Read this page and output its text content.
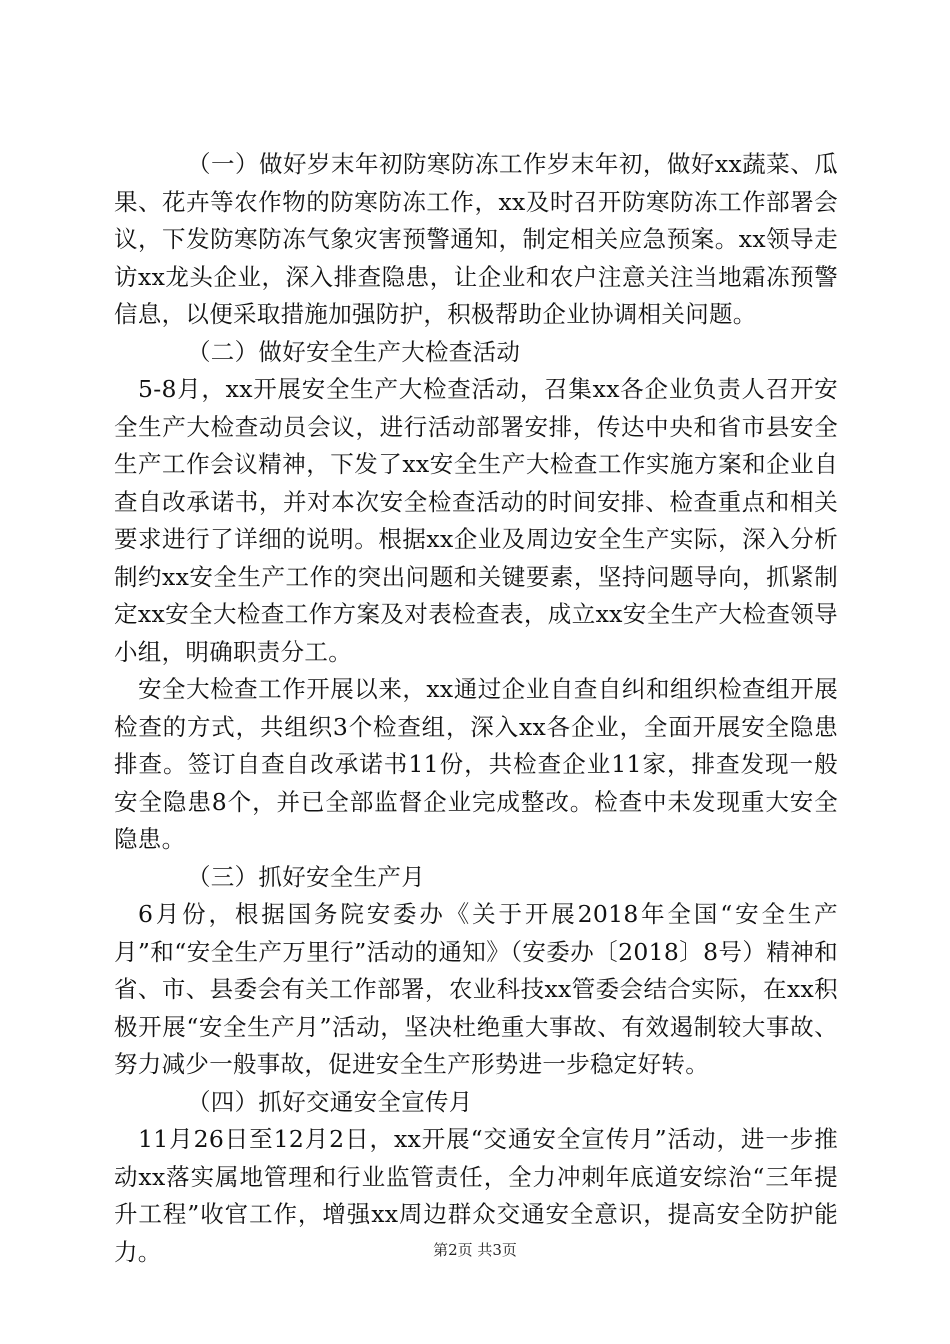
（一）做好岁末年初防寒防冻工作岁末年初，做好xx蔬菜、瓜果、花卉等农作物的防寒防冻工作，xx及时召开防寒防冻工作部署会议，下发防寒防冻气象灾害预警通知，制定相关应急预案。xx领导走访xx龙头企业，深入排查隐患，让企业和农户注意关注当地霜冻预警信息，以便采取措施加强防护，积极帮助企业协调相关问题。

（二）做好安全生产大检查活动

5-8月，xx开展安全生产大检查活动，召集xx各企业负责人召开安全生产大检查动员会议，进行活动部署安排，传达中央和省市县安全生产工作会议精神，下发了xx安全生产大检查工作实施方案和企业自查自改承诺书，并对本次安全检查活动的时间安排、检查重点和相关要求进行了详细的说明。根据xx企业及周边安全生产实际，深入分析制约xx安全生产工作的突出问题和关键要素，坚持问题导向，抓紧制定xx安全大检查工作方案及对表检查表，成立xx安全生产大检查领导小组，明确职责分工。

安全大检查工作开展以来，xx通过企业自查自纠和组织检查组开展检查的方式，共组织3个检查组，深入xx各企业，全面开展安全隐患排查。签订自查自改承诺书11份，共检查企业11家，排查发现一般安全隐患8个，并已全部监督企业完成整改。检查中未发现重大安全隐患。

（三）抓好安全生产月

6月份，根据国务院安委办《关于开展2018年全国“安全生产月”和“安全生产万里行”活动的通知》（安委办〔2018〕8号）精神和省、市、县委会有关工作部署，农业科技xx管委会结合实际，在xx积极开展“安全生产月”活动，坚决杜绝重大事故、有效遏制较大事故、努力减少一般事故，促进安全生产形势进一步稳定好转。

（四）抓好交通安全宣传月

11月26日至12月2日，xx开展“交通安全宣传月”活动，进一步推动xx落实属地管理和行业监管责任，全力冲刺年底道安综治“三年提升工程”收官工作，增强xx周边群众交通安全意识，提高安全防护能力。	第2页 共3页
